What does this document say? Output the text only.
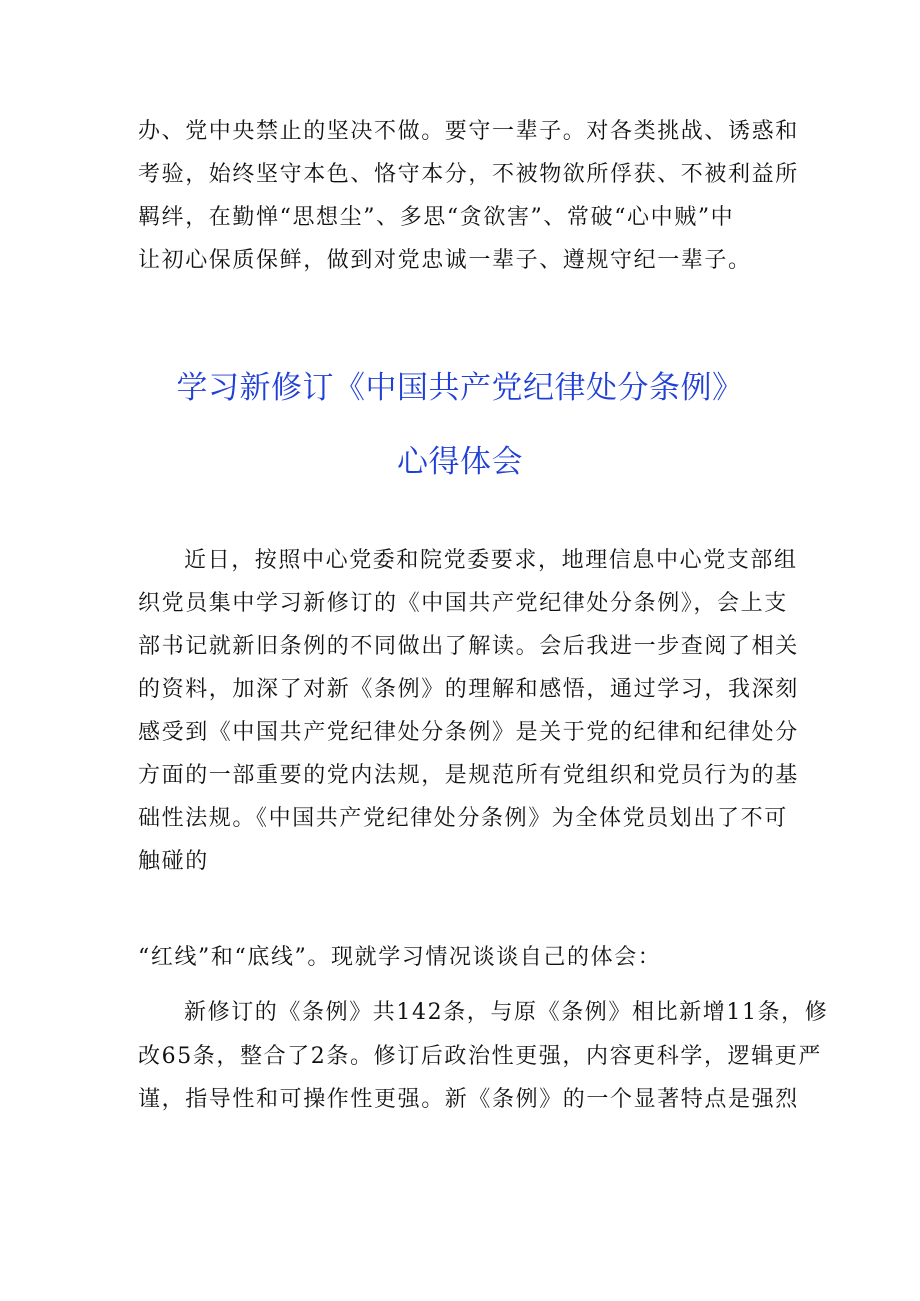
办、党中央禁止的坚决不做。要守一辈子。对各类挑战、诱惑和
考验，始终坚守本色、恪守本分，不被物欲所俘获、不被利益所
羁绊，在勤惮“思想尘”、多思“贪欲害”、常破“心中贼”中
让初心保质保鲜，做到对党忠诚一辈子、遵规守纪一辈子。
学习新修订《中国共产党纪律处分条例》
心得体会
近日，按照中心党委和院党委要求，地理信息中心党支部组
织党员集中学习新修订的《中国共产党纪律处分条例》，会上支
部书记就新旧条例的不同做出了解读。会后我进一步查阅了相关
的资料，加深了对新《条例》的理解和感悟，通过学习，我深刻
感受到《中国共产党纪律处分条例》是关于党的纪律和纪律处分
方面的一部重要的党内法规，是规范所有党组织和党员行为的基
础性法规。《中国共产党纪律处分条例》为全体党员划出了不可
触碰的
“红线”和“底线”。现就学习情况谈谈自己的体会：
新修订的《条例》共142条，与原《条例》相比新增11条，修
改65条，整合了2条。修订后政治性更强，内容更科学，逻辑更严
谨，指导性和可操作性更强。新《条例》的一个显著特点是强烈
